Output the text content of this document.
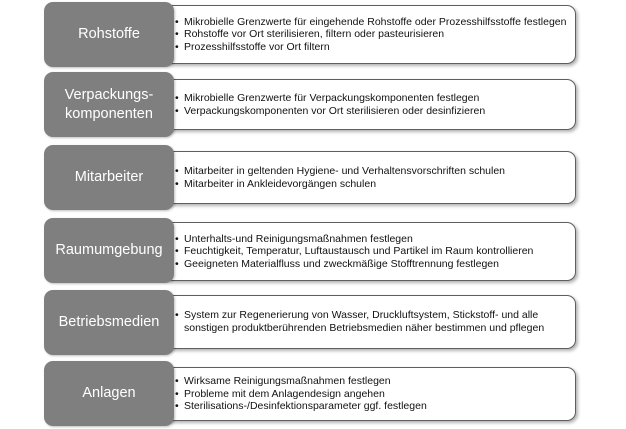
• Mikrobielle Grenzwerte für eingehende Rohstoffe oder Prozesshilfsstoffe festlegen
• Rohstoffe vor Ort sterilisieren, filtern oder pasteurisieren
• Prozesshilfsstoffe vor Ort filtern
Rohstoffe
• Mikrobielle Grenzwerte für Verpackungskomponenten festlegen
• Verpackungskomponenten vor Ort sterilisieren oder desinfizieren
Verpackungs-
komponenten
• Mitarbeiter in geltenden Hygiene- und Verhaltensvorschriften schulen
• Mitarbeiter in Ankleidevorgängen schulen
Mitarbeiter
• Unterhalts-und Reinigungsmaßnahmen festlegen
• Feuchtigkeit, Temperatur, Luftaustausch und Partikel im Raum kontrollieren
• Geeigneten Materialfluss und zweckmäßige Stofftrennung festlegen
Raumumgebung
• System zur Regenerierung von Wasser, Druckluftsystem, Stickstoff- und alle sonstigen produktberührenden Betriebsmedien näher bestimmen und pflegen
Betriebsmedien
• Wirksame Reinigungsmaßnahmen festlegen
• Probleme mit dem Anlagendesign angehen
• Sterilisations-/Desinfektionsparameter ggf. festlegen
Anlagen
